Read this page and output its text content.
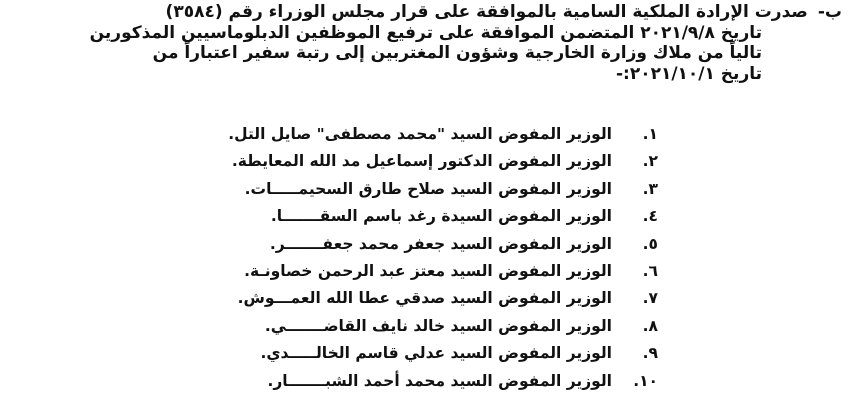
ب-صدرت الإرادة الملكية السامية بالموافقة على قرار مجلس الوزراء رقم (٣٥٨٤)
تاريخ ٢٠٢١/٩/٨ المتضمن الموافقة على ترفيع الموظفين الدبلوماسيين المذكورين
تالياً من ملاك وزارة الخارجية وشؤون المغتربين إلى رتبة سفير اعتباراً من
تاريخ ٢٠٢١/١٠/١:-
١.
الوزير المفوض السيد "محمد مصطفى" صايل التل.
٢.
الوزير المفوض الدكتور إسماعيل مد الله المعايطة.
٣.
الوزير المفوض السيد صلاح طارق السحيمـــــات.
٤.
الوزير المفوض السيدة رغد باسم السقـــــــا.
٥.
الوزير المفوض السيد جعفر محمد جعفـــــــر.
٦.
الوزير المفوض السيد معتز عبد الرحمن خصاونـة.
٧.
الوزير المفوض السيد صدقي عطا الله العمـــوش.
٨.
الوزير المفوض السيد خالد نايف القاضـــــــي.
٩.
الوزير المفوض السيد عدلي قاسم الخالـــــدي.
١٠.
الوزير المفوض السيد محمد أحمد الشبـــــــار.
